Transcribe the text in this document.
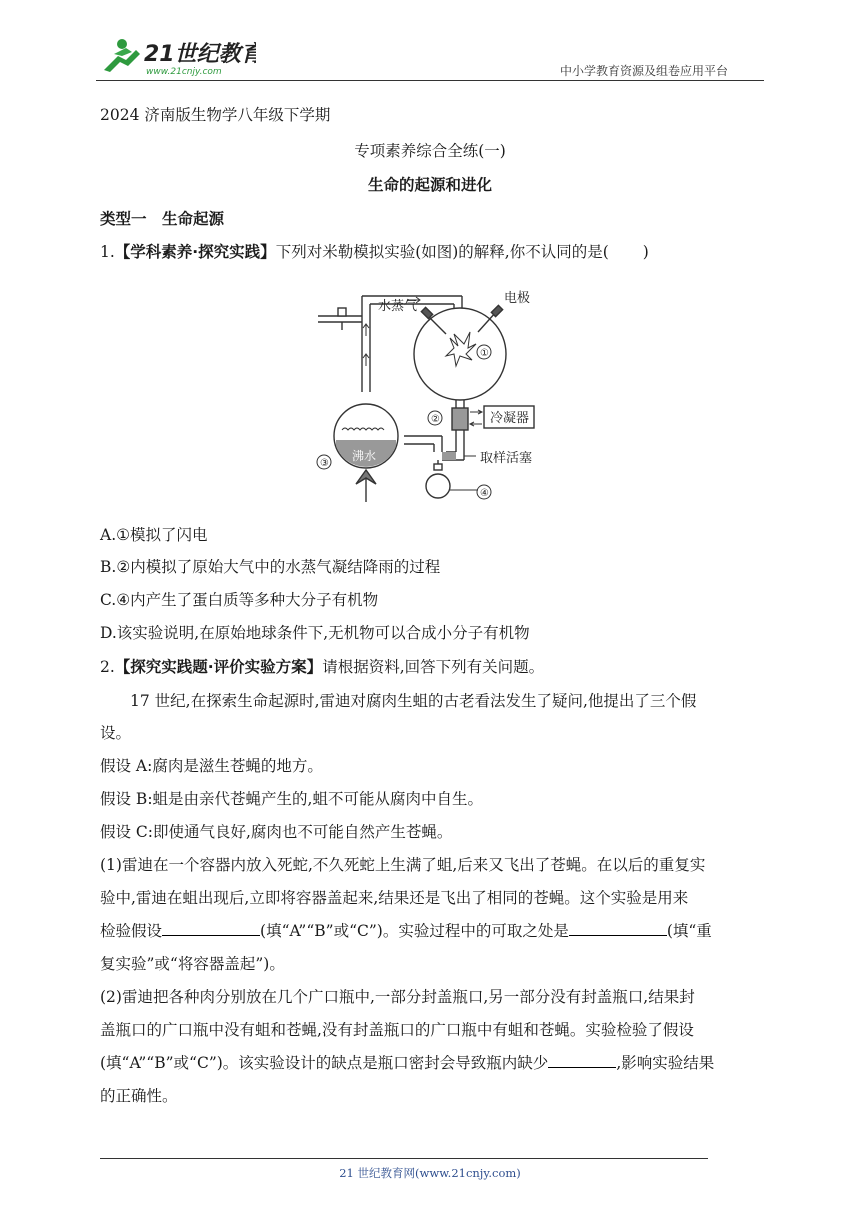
21世纪教育
www.21cnjy.com	中小学教育资源及组卷应用平台
2024 济南版生物学八年级下学期
专项素养综合全练(一)
生命的起源和进化
类型一　生命起源
1.【学科素养·探究实践】下列对米勒模拟实验(如图)的解释,你不认同的是( )
水蒸气
电极
①
冷凝器
②
取样活塞
④
沸水
③
A.①模拟了闪电
B.②内模拟了原始大气中的水蒸气凝结降雨的过程
C.④内产生了蛋白质等多种大分子有机物
D.该实验说明,在原始地球条件下,无机物可以合成小分子有机物
2.【探究实践题·评价实验方案】请根据资料,回答下列有关问题。
17 世纪,在探索生命起源时,雷迪对腐肉生蛆的古老看法发生了疑问,他提出了三个假
设。
假设 A:腐肉是滋生苍蝇的地方。
假设 B:蛆是由亲代苍蝇产生的,蛆不可能从腐肉中自生。
假设 C:即使通气良好,腐肉也不可能自然产生苍蝇。
(1)雷迪在一个容器内放入死蛇,不久死蛇上生满了蛆,后来又飞出了苍蝇。在以后的重复实
验中,雷迪在蛆出现后,立即将容器盖起来,结果还是飞出了相同的苍蝇。这个实验是用来
检验假设	(填“A”“B”或“C”)。实验过程中的可取之处是	(填“重
复实验”或“将容器盖起”)。
(2)雷迪把各种肉分别放在几个广口瓶中,一部分封盖瓶口,另一部分没有封盖瓶口,结果封
盖瓶口的广口瓶中没有蛆和苍蝇,没有封盖瓶口的广口瓶中有蛆和苍蝇。实验检验了假设
(填“A”“B”或“C”)。该实验设计的缺点是瓶口密封会导致瓶内缺少	,影响实验结果
的正确性。
21 世纪教育网(www.21cnjy.com)
